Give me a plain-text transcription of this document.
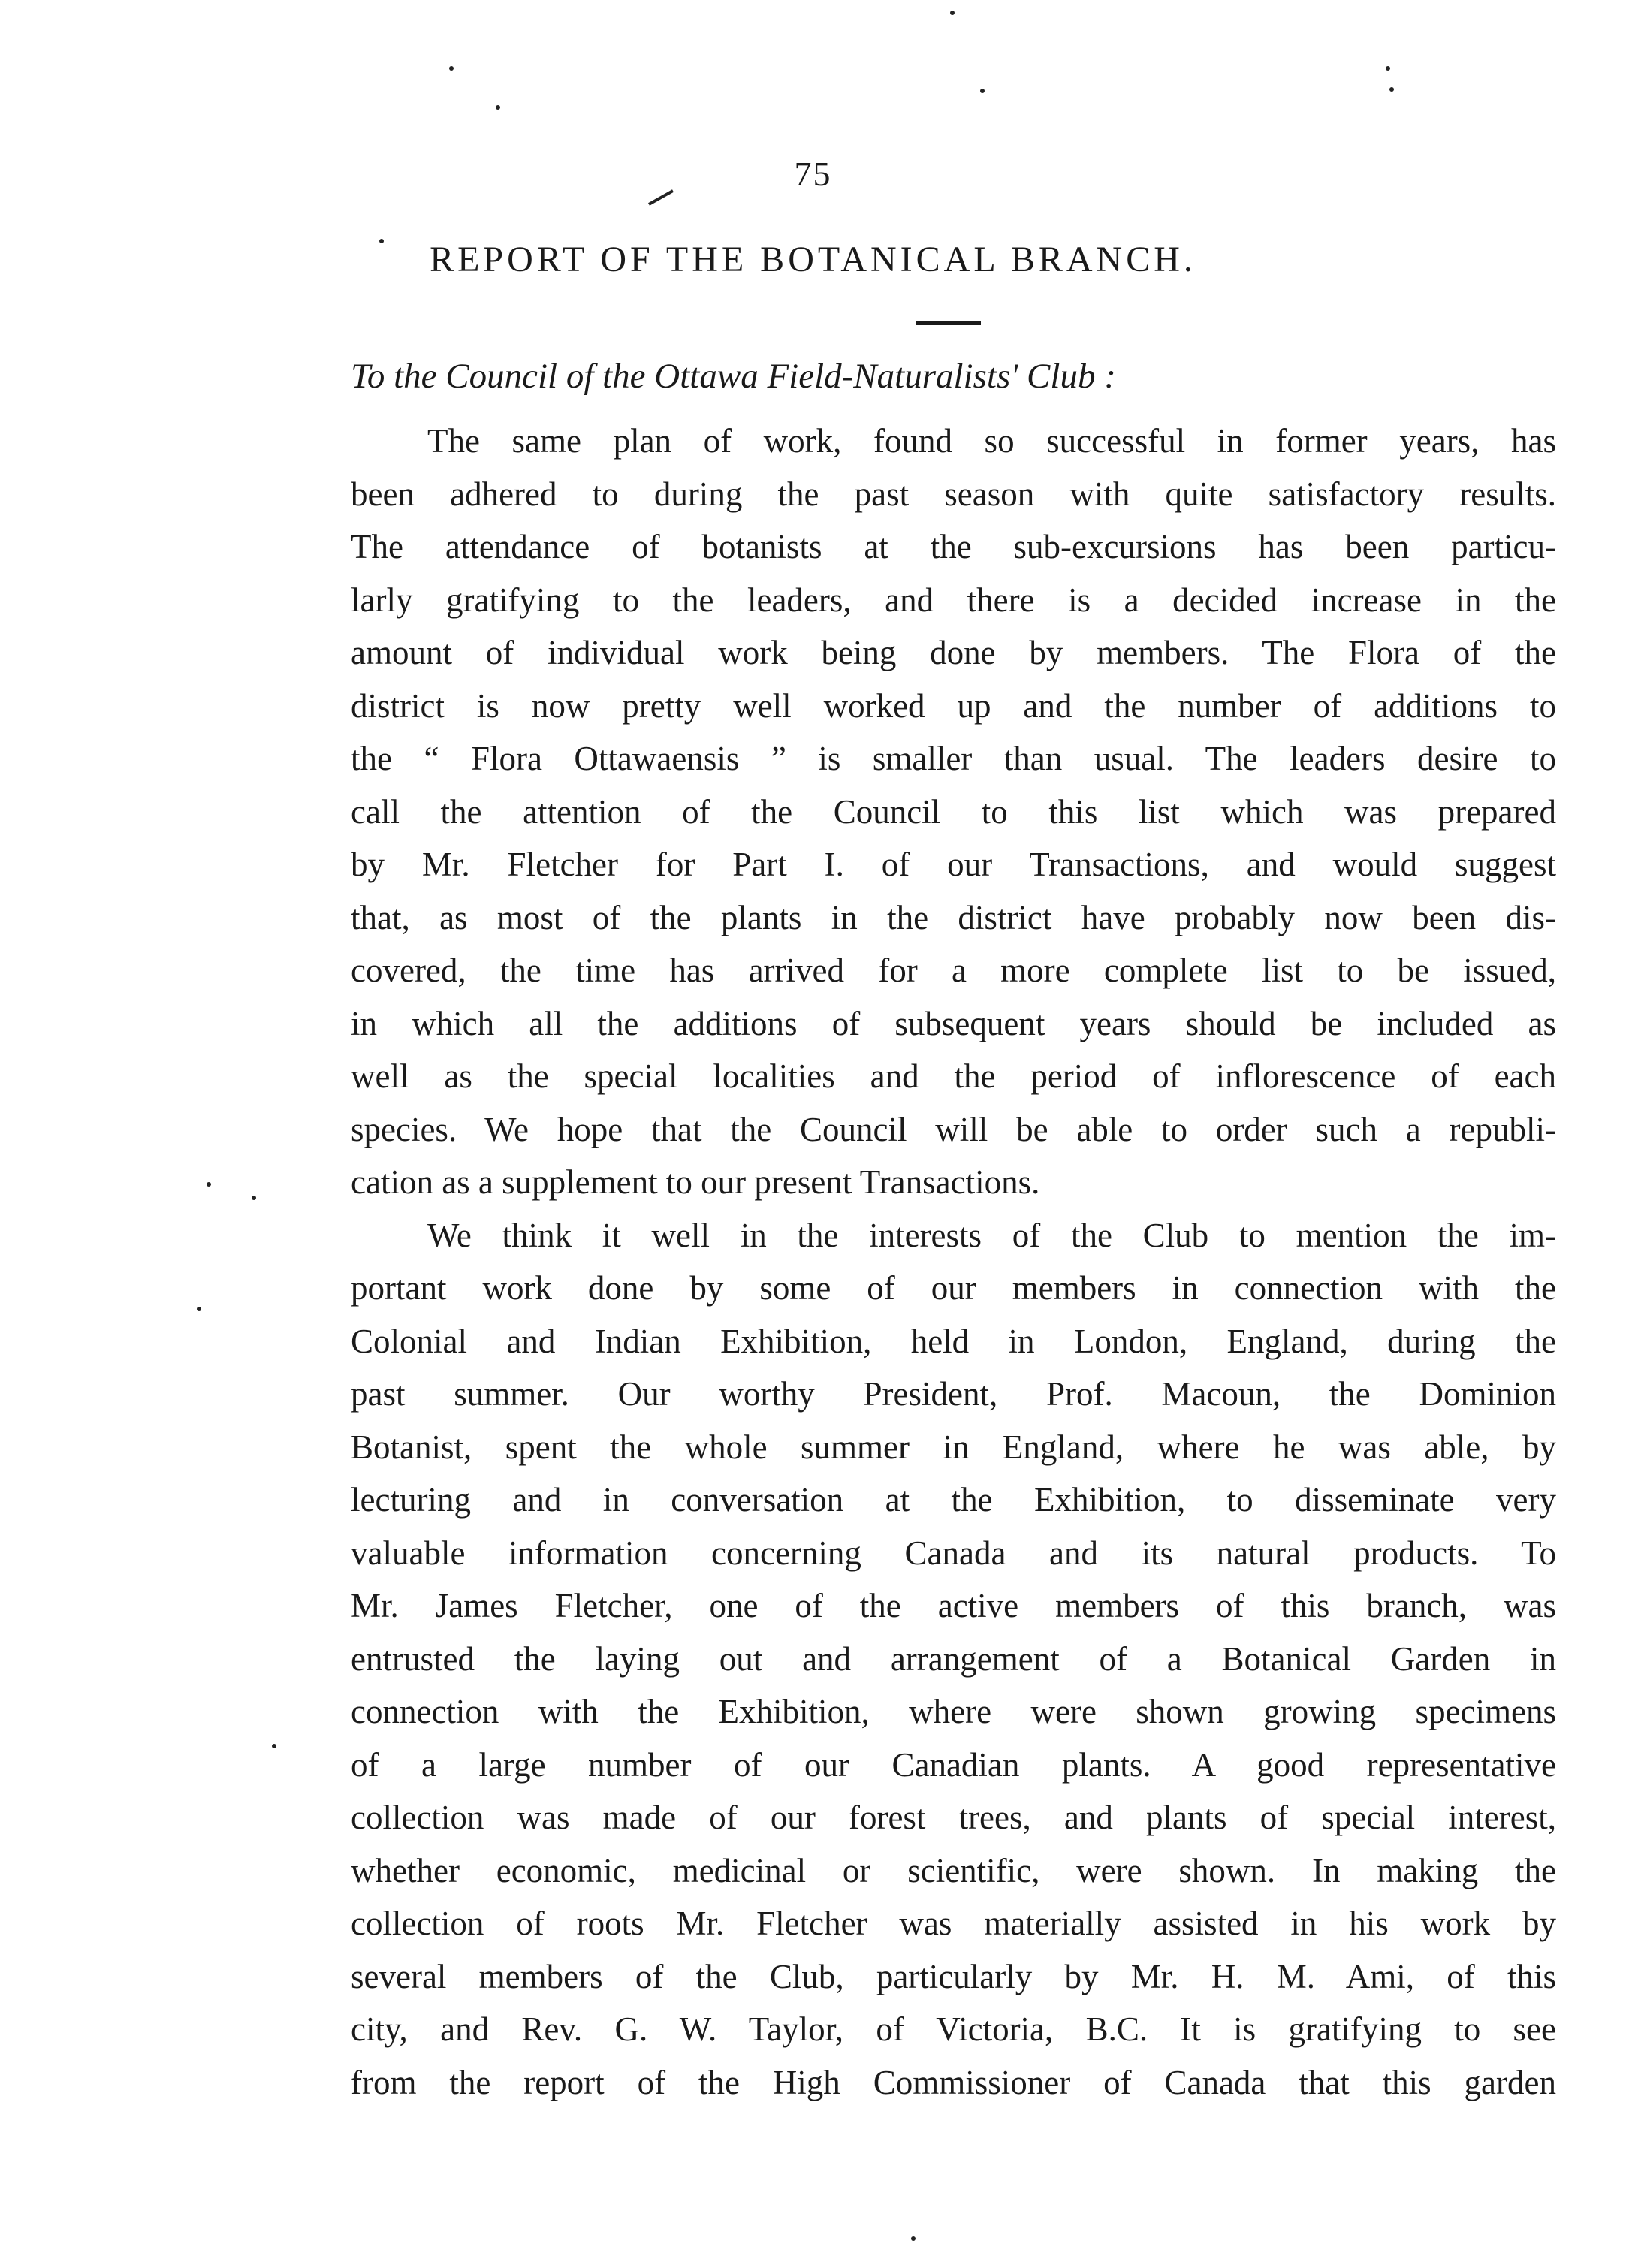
75
REPORT OF THE BOTANICAL BRANCH.
To the Council of the Ottawa Field-Naturalists' Club :
The same plan of work, found so successful in former years, has
been adhered to during the past season with quite satisfactory results.
The attendance of botanists at the sub-excursions has been particu-
larly gratifying to the leaders, and there is a decided increase in the
amount of individual work being done by members. The Flora of the
district is now pretty well worked up and the number of additions to
the “ Flora Ottawaensis ” is smaller than usual. The leaders desire to
call the attention of the Council to this list which was prepared
by Mr. Fletcher for Part I. of our Transactions, and would suggest
that, as most of the plants in the district have probably now been dis-
covered, the time has arrived for a more complete list to be issued,
in which all the additions of subsequent years should be included as
well as the special localities and the period of inflorescence of each
species. We hope that the Council will be able to order such a republi-
cation as a supplement to our present Transactions.
We think it well in the interests of the Club to mention the im-
portant work done by some of our members in connection with the
Colonial and Indian Exhibition, held in London, England, during the
past summer. Our worthy President, Prof. Macoun, the Dominion
Botanist, spent the whole summer in England, where he was able, by
lecturing and in conversation at the Exhibition, to disseminate very
valuable information concerning Canada and its natural products. To
Mr. James Fletcher, one of the active members of this branch, was
entrusted the laying out and arrangement of a Botanical Garden in
connection with the Exhibition, where were shown growing specimens
of a large number of our Canadian plants. A good representative
collection was made of our forest trees, and plants of special interest,
whether economic, medicinal or scientific, were shown. In making the
collection of roots Mr. Fletcher was materially assisted in his work by
several members of the Club, particularly by Mr. H. M. Ami, of this
city, and Rev. G. W. Taylor, of Victoria, B.C. It is gratifying to see
from the report of the High Commissioner of Canada that this garden
